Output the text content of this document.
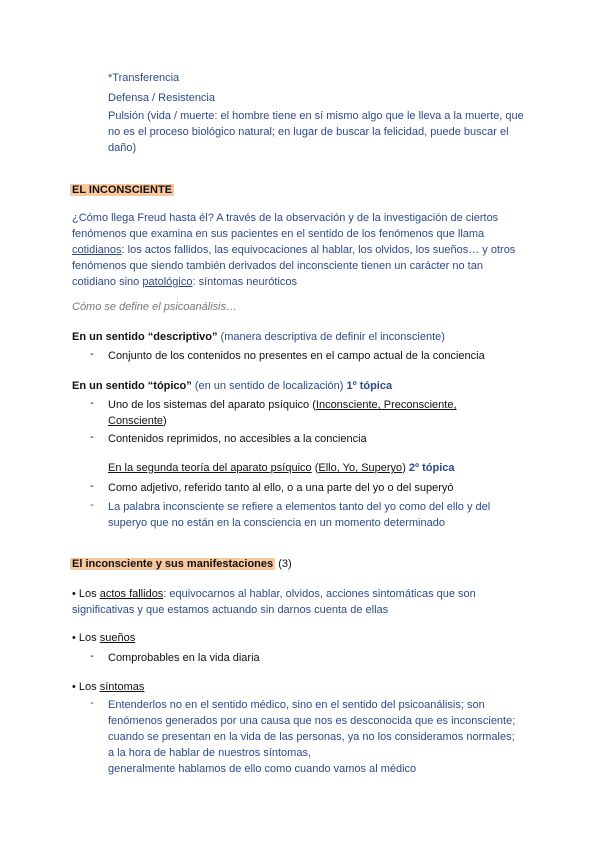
*Transferencia
Defensa / Resistencia
Pulsión (vida / muerte: el hombre tiene en sí mismo algo que le lleva a la muerte, que no es el proceso biológico natural; en lugar de buscar la felicidad, puede buscar el daño)
EL INCONSCIENTE
¿Cómo llega Freud hasta él? A través de la observación y de la investigación de ciertos fenómenos que examina en sus pacientes en el sentido de los fenómenos que llama cotidianos: los actos fallidos, las equivocaciones al hablar, los olvidos, los sueños… y otros fenómenos que siendo también derivados del inconsciente tienen un carácter no tan cotidiano sino patológico: síntomas neuróticos
Cómo se define el psicoanálisis…
En un sentido “descriptivo” (manera descriptiva de definir el inconsciente)
- Conjunto de los contenidos no presentes en el campo actual de la conciencia
En un sentido “tópico” (en un sentido de localización) 1º tópica
- Uno de los sistemas del aparato psíquico (Inconsciente, Preconsciente, Consciente)
- Contenidos reprimidos, no accesibles a la conciencia
En la segunda teoría del aparato psíquico (Ello, Yo, Superyo) 2º tópica
- Como adjetivo, referido tanto al ello, o a una parte del yo o del superyó
- La palabra inconsciente se refiere a elementos tanto del yo como del ello y del superyo que no están en la consciencia en un momento determinado
El inconsciente y sus manifestaciones (3)
• Los actos fallidos: equivocarnos al hablar, olvidos, acciones sintomáticas que son significativas y que estamos actuando sin darnos cuenta de ellas
• Los sueños
- Comprobables en la vida diaria
• Los síntomas
- Entenderlos no en el sentido médico, sino en el sentido del psicoanálisis; son fenómenos generados por una causa que nos es desconocida que es inconsciente; cuando se presentan en la vida de las personas, ya no los consideramos normales; a la hora de hablar de nuestros síntomas,
generalmente hablamos de ello como cuando vamos al médico
